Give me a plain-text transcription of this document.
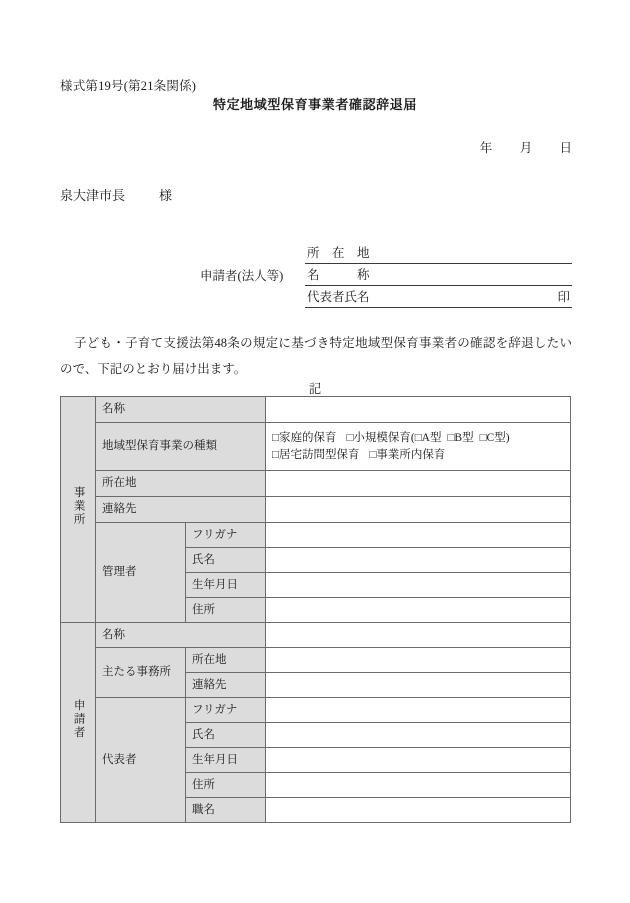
様式第19号(第21条関係)
特定地域型保育事業者確認辞退届
年 月 日
泉大津市長	様
申請者(法人等)
所　在　地
名　　　称
代表者氏名	印
子ども・子育て支援法第48条の規定に基づき特定地域型保育事業者の確認を辞退したいので、下記のとおり届け出ます。
記
事業所	名称		
	地域型保育事業の種類		□家庭的保育 □小規模保育(□A型 □B型 □C型)
□居宅訪問型保育 □事業所内保育

	所在地		
	連絡先		
	管理者	フリガナ	
		氏名	
		生年月日	
		住所	
申請者	名称		
	主たる事務所	所在地	
		連絡先	
	代表者	フリガナ	
		氏名	
		生年月日	
		住所	
		職名	
